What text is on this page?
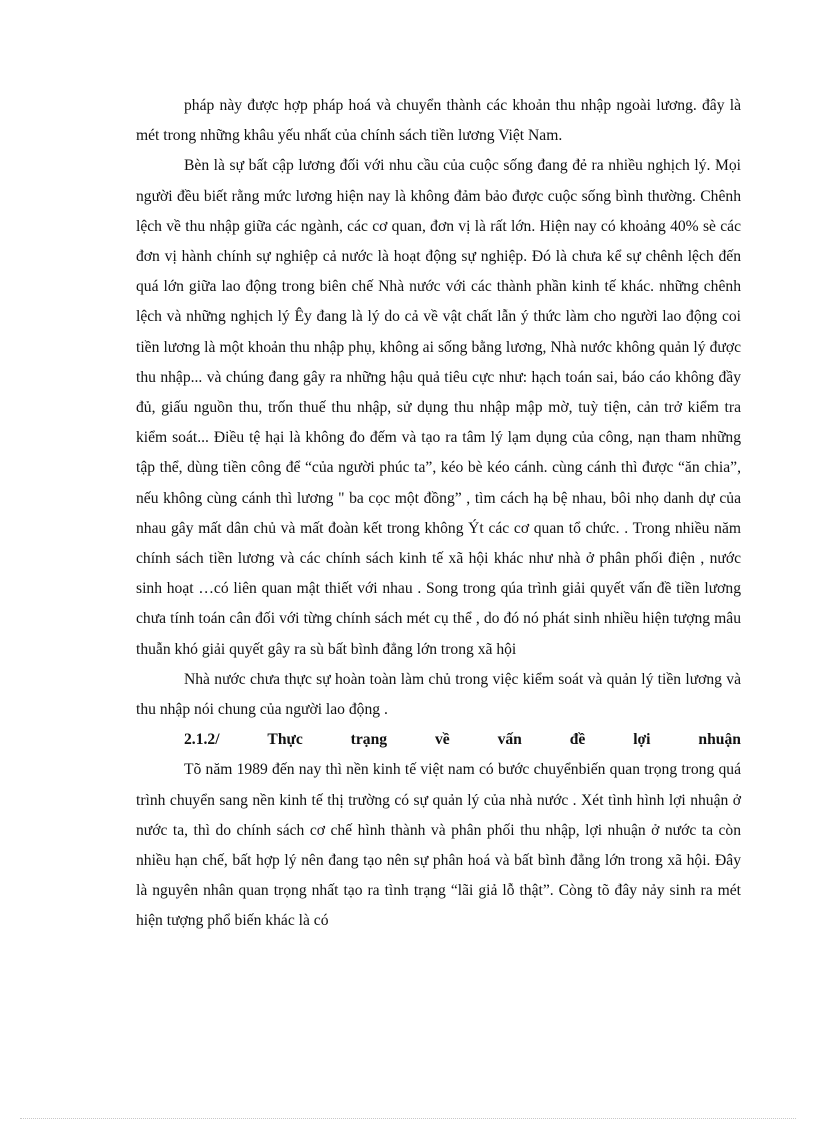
pháp này được hợp pháp hoá và chuyển thành các khoản thu nhập ngoài lương. đây là mét trong những khâu yếu nhất của chính sách tiền lương Việt Nam.

Bèn là sự bất cập lương đối với nhu cầu của cuộc sống đang đẻ ra nhiều nghịch lý. Mọi người đều biết rằng mức lương hiện nay là không đảm bảo được cuộc sống bình thường. Chênh lệch về thu nhập giữa các ngành, các cơ quan, đơn vị là rất lớn. Hiện nay có khoảng 40% sè các đơn vị hành chính sự nghiệp cả nước là hoạt động sự nghiệp. Đó là chưa kể sự chênh lệch đến quá lớn giữa lao động trong biên chế Nhà nước với các thành phần kinh tế khác. những chênh lệch và những nghịch lý Êy đang là lý do cả về vật chất lẫn ý thức làm cho người lao động coi tiền lương là một khoản thu nhập phụ, không ai sống bằng lương, Nhà nước không quản lý được thu nhập... và chúng đang gây ra những hậu quả tiêu cực như: hạch toán sai, báo cáo không đầy đủ, giấu nguồn thu, trốn thuế thu nhập, sử dụng thu nhập mập mờ, tuỳ tiện, cản trở kiểm tra kiểm soát... Điều tệ hại là không đo đếm và tạo ra tâm lý lạm dụng của công, nạn tham những tập thể, dùng tiền công để “của người phúc ta”, kéo bè kéo cánh. cùng cánh thì được “ăn chia”, nếu không cùng cánh thì lương " ba cọc một đồng” , tìm cách hạ bệ nhau, bôi nhọ danh dự của nhau gây mất dân chủ và mất đoàn kết trong không Ýt các cơ quan tổ chức. . Trong nhiều năm chính sách tiền lương và các chính sách kinh tế xã hội khác như nhà ở phân phối điện , nước sinh hoạt …có liên quan mật thiết với nhau . Song trong qúa trình giải quyết vấn đề tiền lương chưa tính toán cân đối với từng chính sách mét cụ thể , do đó nó phát sinh nhiều hiện tượng mâu thuẫn khó giải quyết gây ra sù bất bình đẳng lớn trong xã hội

Nhà nước chưa thực sự hoàn toàn làm chủ trong việc kiểm soát và quản lý tiền lương và thu nhập nói chung của người lao động .

2.1.2/	Thực	trạng	về	vấn	đề	lợi	nhuận

Tõ năm 1989 đến nay thì nền kinh tế việt nam có bước chuyểnbiến quan trọng trong quá trình chuyển sang nền kinh tế thị trường có sự quản lý của nhà nước . Xét tình hình lợi nhuận ở nước ta, thì do chính sách cơ chế hình thành và phân phối thu nhập, lợi nhuận ở nước ta còn nhiều hạn chế, bất hợp lý nên đang tạo nên sự phân hoá và bất bình đẳng lớn trong xã hội. Đây là nguyên nhân quan trọng nhất tạo ra tình trạng “lãi giả lỗ thật”. Còng tõ đây nảy sinh ra mét hiện tượng phổ biến khác là có
